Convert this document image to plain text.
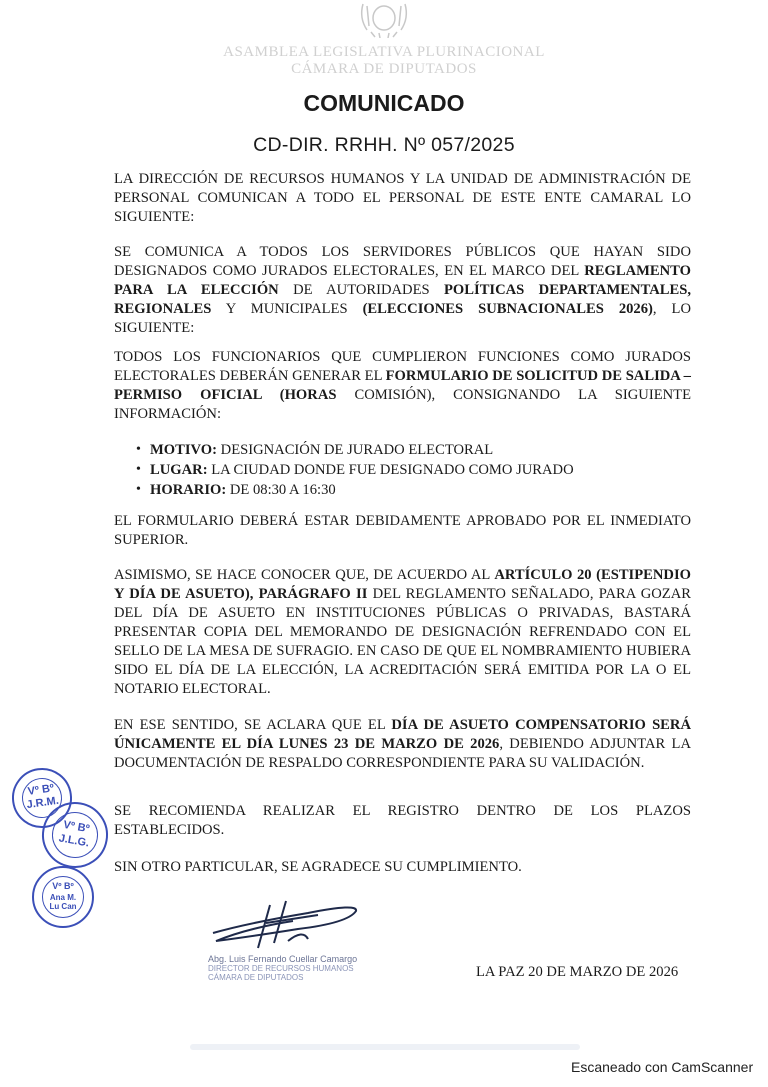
ASAMBLEA LEGISLATIVA PLURINACIONAL
CÁMARA DE DIPUTADOS
COMUNICADO
CD-DIR. RRHH. Nº 057/2025

LA DIRECCIÓN DE RECURSOS HUMANOS Y LA UNIDAD DE ADMINISTRACIÓN DE PERSONAL COMUNICAN A TODO EL PERSONAL DE ESTE ENTE CAMARAL LO SIGUIENTE:

SE COMUNICA A TODOS LOS SERVIDORES PÚBLICOS QUE HAYAN SIDO DESIGNADOS COMO JURADOS ELECTORALES, EN EL MARCO DEL REGLAMENTO PARA LA ELECCIÓN DE AUTORIDADES POLÍTICAS DEPARTAMENTALES, REGIONALES Y MUNICIPALES (ELECCIONES SUBNACIONALES 2026), LO SIGUIENTE:

TODOS LOS FUNCIONARIOS QUE CUMPLIERON FUNCIONES COMO JURADOS ELECTORALES DEBERÁN GENERAR EL FORMULARIO DE SOLICITUD DE SALIDA – PERMISO OFICIAL (HORAS COMISIÓN), CONSIGNANDO LA SIGUIENTE INFORMACIÓN:

• MOTIVO: DESIGNACIÓN DE JURADO ELECTORAL
• LUGAR: LA CIUDAD DONDE FUE DESIGNADO COMO JURADO
• HORARIO: DE 08:30 A 16:30

EL FORMULARIO DEBERÁ ESTAR DEBIDAMENTE APROBADO POR EL INMEDIATO SUPERIOR.

ASIMISMO, SE HACE CONOCER QUE, DE ACUERDO AL ARTÍCULO 20 (ESTIPENDIO Y DÍA DE ASUETO), PARÁGRAFO II DEL REGLAMENTO SEÑALADO, PARA GOZAR DEL DÍA DE ASUETO EN INSTITUCIONES PÚBLICAS O PRIVADAS, BASTARÁ PRESENTAR COPIA DEL MEMORANDO DE DESIGNACIÓN REFRENDADO CON EL SELLO DE LA MESA DE SUFRAGIO. EN CASO DE QUE EL NOMBRAMIENTO HUBIERA SIDO EL DÍA DE LA ELECCIÓN, LA ACREDITACIÓN SERÁ EMITIDA POR LA O EL NOTARIO ELECTORAL.

EN ESE SENTIDO, SE ACLARA QUE EL DÍA DE ASUETO COMPENSATORIO SERÁ ÚNICAMENTE EL DÍA LUNES 23 DE MARZO DE 2026, DEBIENDO ADJUNTAR LA DOCUMENTACIÓN DE RESPALDO CORRESPONDIENTE PARA SU VALIDACIÓN.

SE RECOMIENDA REALIZAR EL REGISTRO DENTRO DE LOS PLAZOS ESTABLECIDOS.

SIN OTRO PARTICULAR, SE AGRADECE SU CUMPLIMIENTO.

Vº Bº
J.R.M.
Vº Bº
J.L.G.
Vº Bº
Ana M. Lu Can
Abg. Luis Fernando Cuellar Camargo
DIRECTOR DE RECURSOS HUMANOS
CÁMARA DE DIPUTADOS	LA PAZ 20 DE MARZO DE 2026
Escaneado con CamScanner
